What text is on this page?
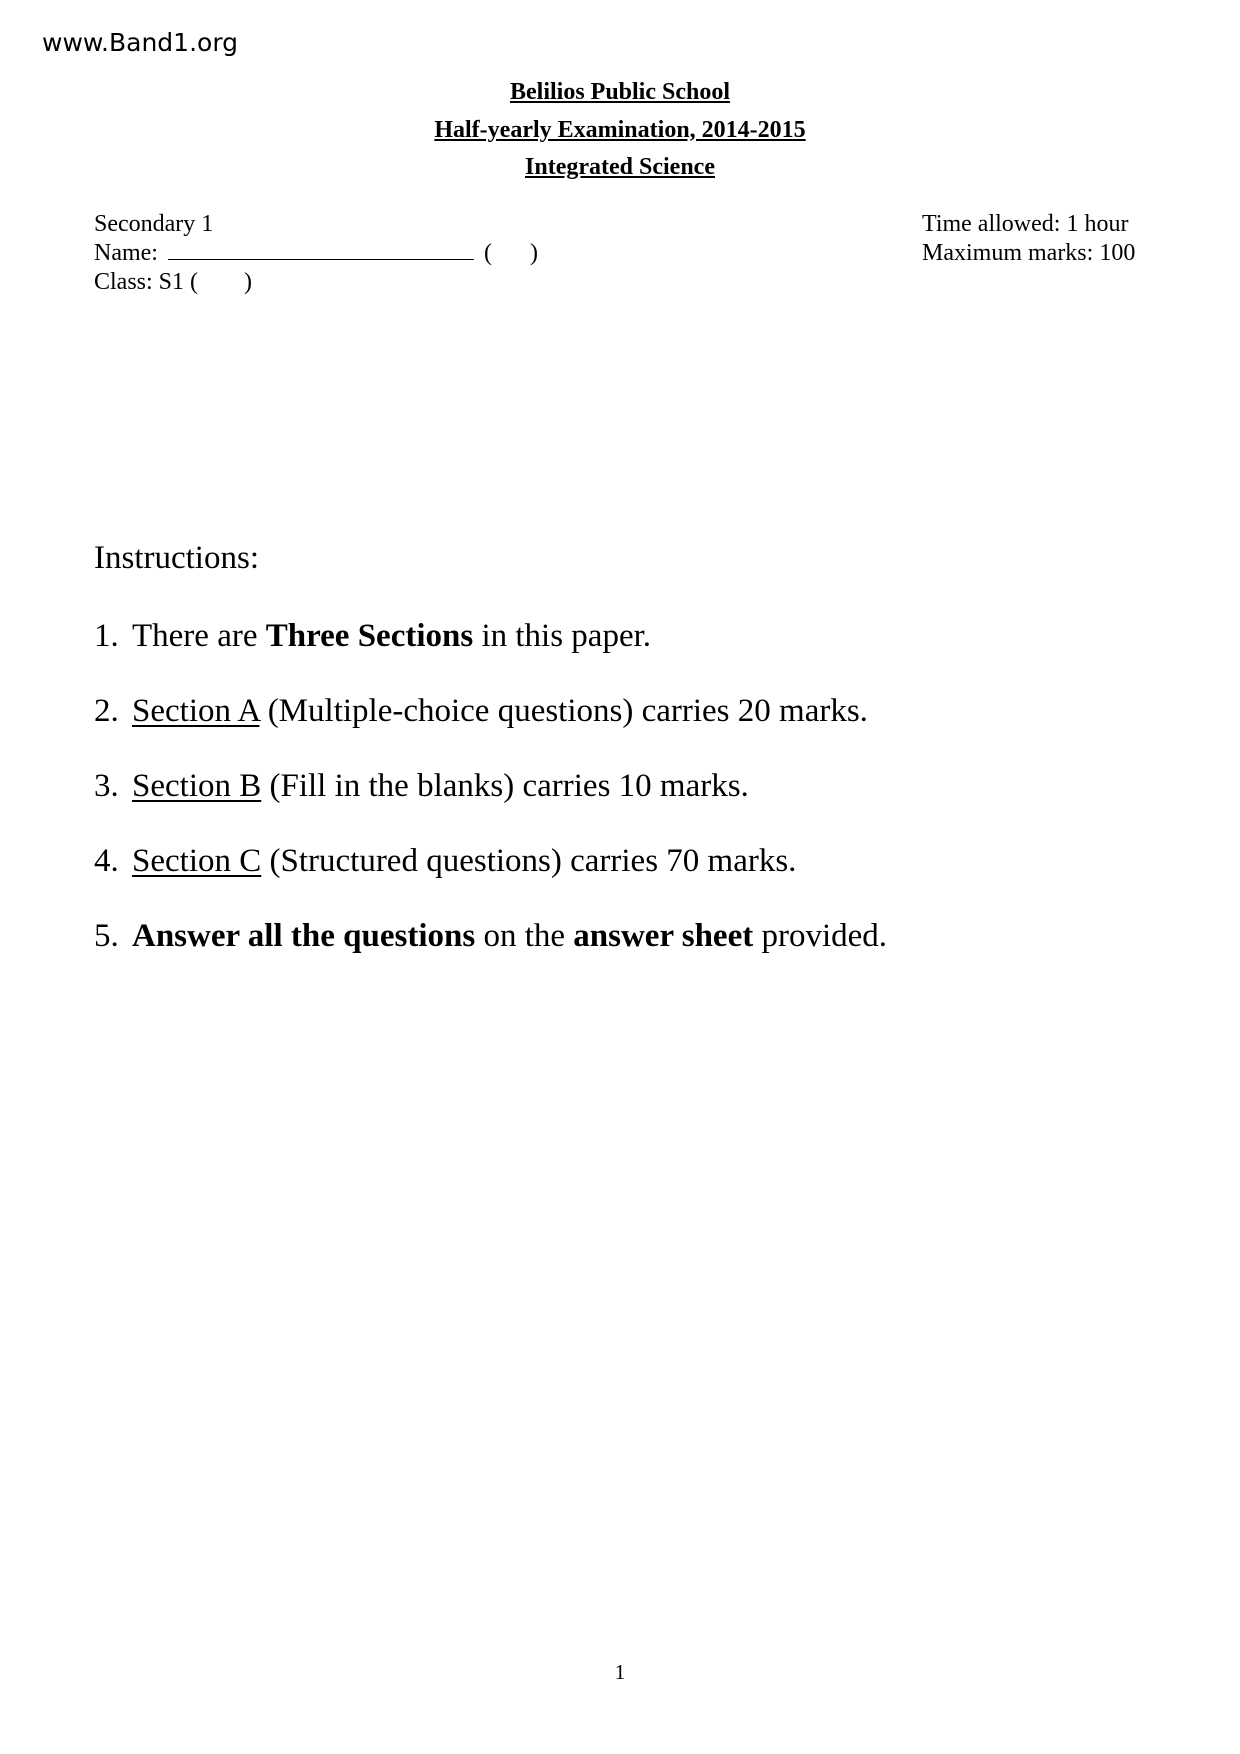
www.Band1.org
Belilios Public School
Half-yearly Examination, 2014-2015
Integrated Science
Secondary 1
Name:	( )
Class: S1 ( )
Time allowed: 1 hour
Maximum marks: 100
Instructions:
1. There are Three Sections in this paper.
2. Section A (Multiple-choice questions) carries 20 marks.
3. Section B (Fill in the blanks) carries 10 marks.
4. Section C (Structured questions) carries 70 marks.
5. Answer all the questions on the answer sheet provided.
1
